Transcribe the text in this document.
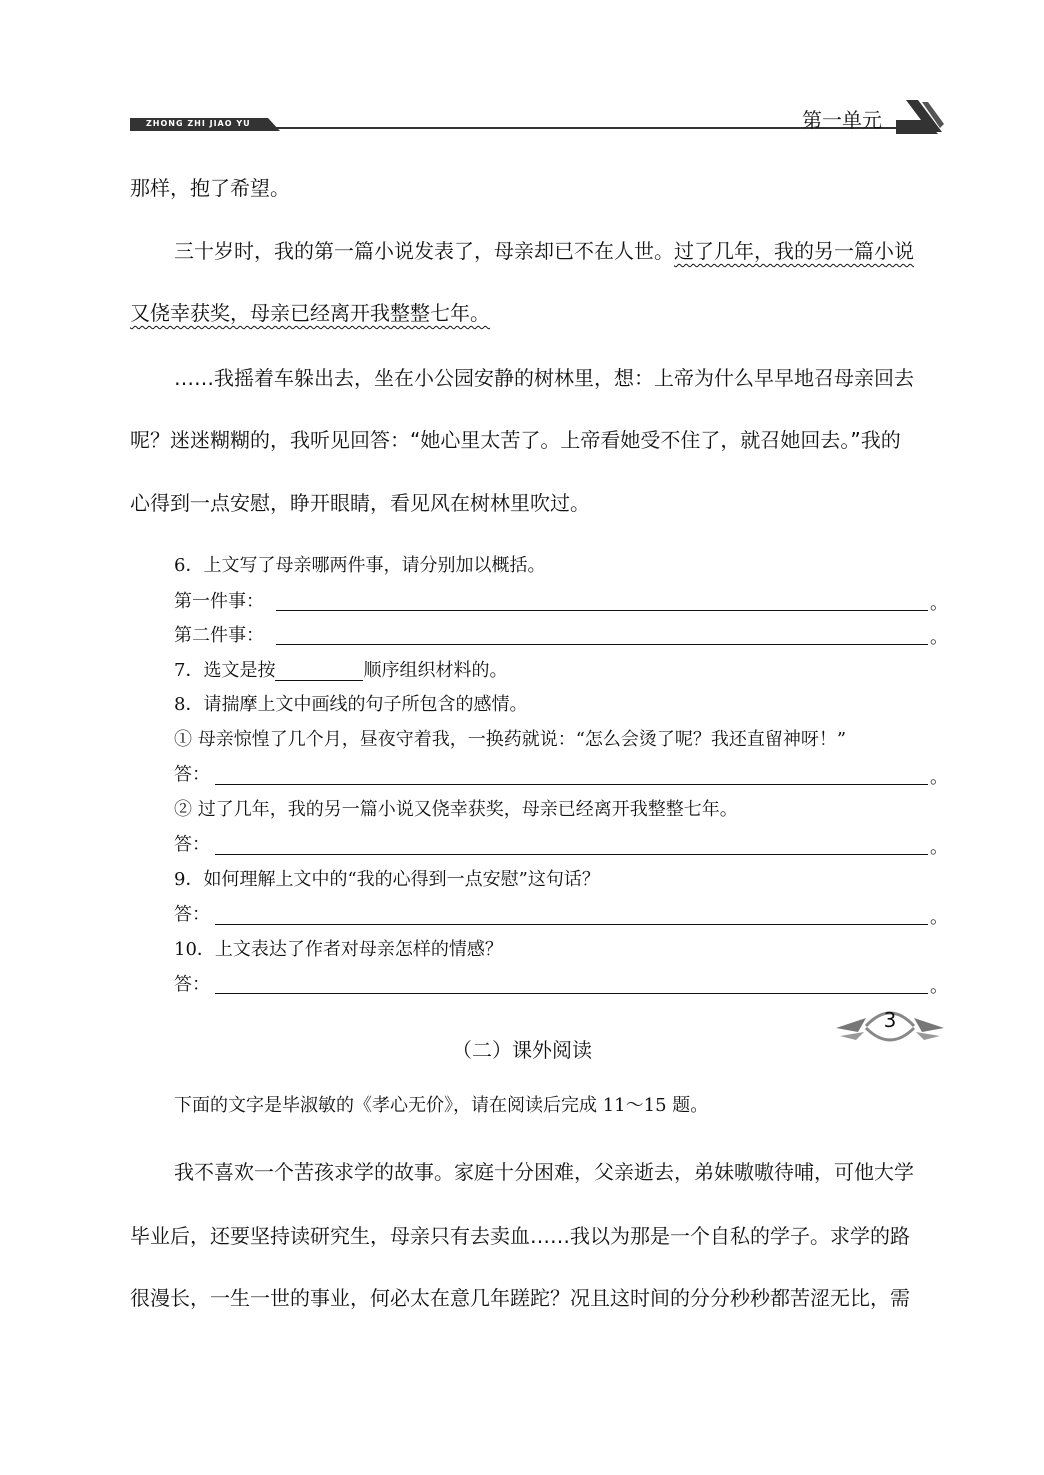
ZHONG ZHI JIAO YU	第一单元
那样，抱了希望。
三十岁时，我的第一篇小说发表了，母亲却已不在人世。过了几年，我的另一篇小说
又侥幸获奖，母亲已经离开我整整七年。
……我摇着车躲出去，坐在小公园安静的树林里，想：上帝为什么早早地召母亲回去
呢？迷迷糊糊的，我听见回答：“她心里太苦了。上帝看她受不住了，就召她回去。”我的
心得到一点安慰，睁开眼睛，看见风在树林里吹过。
6．上文写了母亲哪两件事，请分别加以概括。
第一件事：	。
第二件事：	。
7．选文是按	顺序组织材料的。
8．请揣摩上文中画线的句子所包含的感情。
① 母亲惊惶了几个月，昼夜守着我，一换药就说：“怎么会烫了呢？我还直留神呀！”
答：	。
② 过了几年，我的另一篇小说又侥幸获奖，母亲已经离开我整整七年。
答：	。
9．如何理解上文中的“我的心得到一点安慰”这句话？
答：	。
10．上文表达了作者对母亲怎样的情感？
答：	。
（二）课外阅读
下面的文字是毕淑敏的《孝心无价》，请在阅读后完成 11～15 题。
我不喜欢一个苦孩求学的故事。家庭十分困难，父亲逝去，弟妹嗷嗷待哺，可他大学
毕业后，还要坚持读研究生，母亲只有去卖血……我以为那是一个自私的学子。求学的路
很漫长，一生一世的事业，何必太在意几年蹉跎？况且这时间的分分秒秒都苦涩无比，需
3
